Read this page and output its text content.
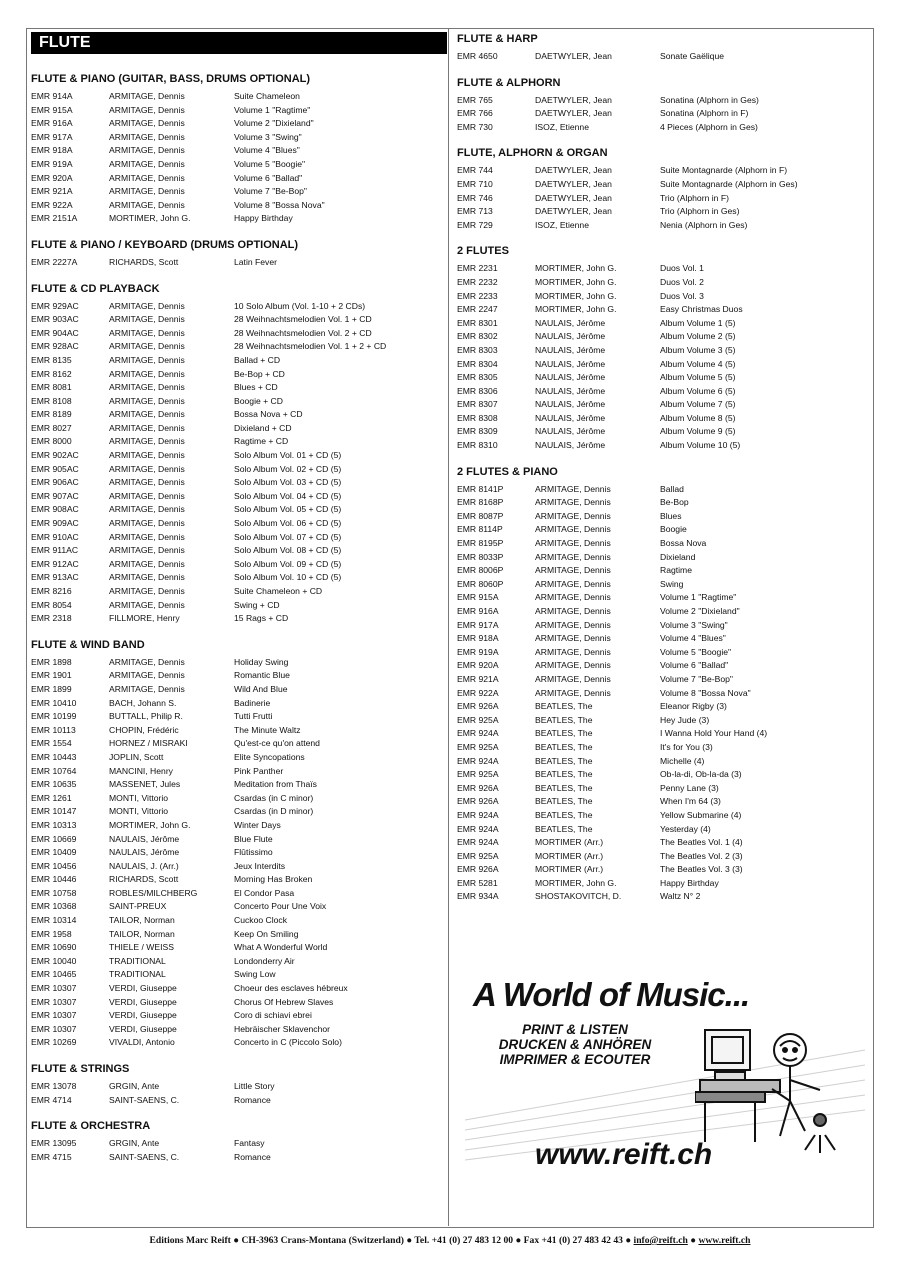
FLUTE
FLUTE & PIANO (GUITAR, BASS, DRUMS OPTIONAL)
EMR 914A	ARMITAGE, Dennis	Suite Chameleon
EMR 915A	ARMITAGE, Dennis	Volume 1 "Ragtime"
EMR 916A	ARMITAGE, Dennis	Volume 2 "Dixieland"
EMR 917A	ARMITAGE, Dennis	Volume 3 "Swing"
EMR 918A	ARMITAGE, Dennis	Volume 4 "Blues"
EMR 919A	ARMITAGE, Dennis	Volume 5 "Boogie"
EMR 920A	ARMITAGE, Dennis	Volume 6 "Ballad"
EMR 921A	ARMITAGE, Dennis	Volume 7 "Be-Bop"
EMR 922A	ARMITAGE, Dennis	Volume 8 "Bossa Nova"
EMR 2151A	MORTIMER, John G.	Happy Birthday
FLUTE & PIANO / KEYBOARD (DRUMS OPTIONAL)
EMR 2227A	RICHARDS, Scott	Latin Fever
FLUTE & CD PLAYBACK
EMR 929AC	ARMITAGE, Dennis	10 Solo Album (Vol. 1-10 + 2 CDs)
EMR 903AC	ARMITAGE, Dennis	28 Weihnachtsmelodien Vol. 1 + CD
EMR 904AC	ARMITAGE, Dennis	28 Weihnachtsmelodien Vol. 2 + CD
EMR 928AC	ARMITAGE, Dennis	28 Weihnachtsmelodien Vol. 1 + 2 + CD
EMR 8135	ARMITAGE, Dennis	Ballad + CD
EMR 8162	ARMITAGE, Dennis	Be-Bop + CD
EMR 8081	ARMITAGE, Dennis	Blues + CD
EMR 8108	ARMITAGE, Dennis	Boogie + CD
EMR 8189	ARMITAGE, Dennis	Bossa Nova + CD
EMR 8027	ARMITAGE, Dennis	Dixieland + CD
EMR 8000	ARMITAGE, Dennis	Ragtime + CD
EMR 902AC	ARMITAGE, Dennis	Solo Album Vol. 01 + CD (5)
EMR 905AC	ARMITAGE, Dennis	Solo Album Vol. 02 + CD (5)
EMR 906AC	ARMITAGE, Dennis	Solo Album Vol. 03 + CD (5)
EMR 907AC	ARMITAGE, Dennis	Solo Album Vol. 04 + CD (5)
EMR 908AC	ARMITAGE, Dennis	Solo Album Vol. 05 + CD (5)
EMR 909AC	ARMITAGE, Dennis	Solo Album Vol. 06 + CD (5)
EMR 910AC	ARMITAGE, Dennis	Solo Album Vol. 07 + CD (5)
EMR 911AC	ARMITAGE, Dennis	Solo Album Vol. 08 + CD (5)
EMR 912AC	ARMITAGE, Dennis	Solo Album Vol. 09 + CD (5)
EMR 913AC	ARMITAGE, Dennis	Solo Album Vol. 10 + CD (5)
EMR 8216	ARMITAGE, Dennis	Suite Chameleon + CD
EMR 8054	ARMITAGE, Dennis	Swing + CD
EMR 2318	FILLMORE, Henry	15 Rags + CD
FLUTE & WIND BAND
EMR 1898	ARMITAGE, Dennis	Holiday Swing
EMR 1901	ARMITAGE, Dennis	Romantic Blue
EMR 1899	ARMITAGE, Dennis	Wild And Blue
EMR 10410	BACH, Johann S.	Badinerie
EMR 10199	BUTTALL, Philip R.	Tutti Frutti
EMR 10113	CHOPIN, Frédéric	The Minute Waltz
EMR 1554	HORNEZ / MISRAKI	Qu'est-ce qu'on attend
EMR 10443	JOPLIN, Scott	Elite Syncopations
EMR 10764	MANCINI, Henry	Pink Panther
EMR 10635	MASSENET, Jules	Meditation from Thaïs
EMR 1261	MONTI, Vittorio	Csardas (in C minor)
EMR 10147	MONTI, Vittorio	Csardas (in D minor)
EMR 10313	MORTIMER, John G.	Winter Days
EMR 10669	NAULAIS, Jérôme	Blue Flute
EMR 10409	NAULAIS, Jérôme	Flûtissimo
EMR 10456	NAULAIS, J. (Arr.)	Jeux Interdits
EMR 10446	RICHARDS, Scott	Morning Has Broken
EMR 10758	ROBLES/MILCHBERG	El Condor Pasa
EMR 10368	SAINT-PREUX	Concerto Pour Une Voix
EMR 10314	TAILOR, Norman	Cuckoo Clock
EMR 1958	TAILOR, Norman	Keep On Smiling
EMR 10690	THIELE / WEISS	What A Wonderful World
EMR 10040	TRADITIONAL	Londonderry Air
EMR 10465	TRADITIONAL	Swing Low
EMR 10307	VERDI, Giuseppe	Choeur des esclaves hébreux
EMR 10307	VERDI, Giuseppe	Chorus Of Hebrew Slaves
EMR 10307	VERDI, Giuseppe	Coro di schiavi ebrei
EMR 10307	VERDI, Giuseppe	Hebräischer Sklavenchor
EMR 10269	VIVALDI, Antonio	Concerto in C (Piccolo Solo)
FLUTE & STRINGS
EMR 13078	GRGIN, Ante	Little Story
EMR 4714	SAINT-SAENS, C.	Romance
FLUTE & ORCHESTRA
EMR 13095	GRGIN, Ante	Fantasy
EMR 4715	SAINT-SAENS, C.	Romance
FLUTE & HARP
EMR 4650	DAETWYLER, Jean	Sonate Gaëlique
FLUTE & ALPHORN
EMR 765	DAETWYLER, Jean	Sonatina (Alphorn in Ges)
EMR 766	DAETWYLER, Jean	Sonatina (Alphorn in F)
EMR 730	ISOZ, Etienne	4 Pieces (Alphorn in Ges)
FLUTE, ALPHORN & ORGAN
EMR 744	DAETWYLER, Jean	Suite Montagnarde (Alphorn in F)
EMR 710	DAETWYLER, Jean	Suite Montagnarde (Alphorn in Ges)
EMR 746	DAETWYLER, Jean	Trio (Alphorn in F)
EMR 713	DAETWYLER, Jean	Trio (Alphorn in Ges)
EMR 729	ISOZ, Etienne	Nenia (Alphorn in Ges)
2 FLUTES
EMR 2231	MORTIMER, John G.	Duos Vol. 1
EMR 2232	MORTIMER, John G.	Duos Vol. 2
EMR 2233	MORTIMER, John G.	Duos Vol. 3
EMR 2247	MORTIMER, John G.	Easy Christmas Duos
EMR 8301	NAULAIS, Jérôme	Album Volume 1 (5)
EMR 8302	NAULAIS, Jérôme	Album Volume 2 (5)
EMR 8303	NAULAIS, Jérôme	Album Volume 3 (5)
EMR 8304	NAULAIS, Jérôme	Album Volume 4 (5)
EMR 8305	NAULAIS, Jérôme	Album Volume 5 (5)
EMR 8306	NAULAIS, Jérôme	Album Volume 6 (5)
EMR 8307	NAULAIS, Jérôme	Album Volume 7 (5)
EMR 8308	NAULAIS, Jérôme	Album Volume 8 (5)
EMR 8309	NAULAIS, Jérôme	Album Volume 9 (5)
EMR 8310	NAULAIS, Jérôme	Album Volume 10 (5)
2 FLUTES & PIANO
EMR 8141P	ARMITAGE, Dennis	Ballad
EMR 8168P	ARMITAGE, Dennis	Be-Bop
EMR 8087P	ARMITAGE, Dennis	Blues
EMR 8114P	ARMITAGE, Dennis	Boogie
EMR 8195P	ARMITAGE, Dennis	Bossa Nova
EMR 8033P	ARMITAGE, Dennis	Dixieland
EMR 8006P	ARMITAGE, Dennis	Ragtime
EMR 8060P	ARMITAGE, Dennis	Swing
EMR 915A	ARMITAGE, Dennis	Volume 1 "Ragtime"
EMR 916A	ARMITAGE, Dennis	Volume 2 "Dixieland"
EMR 917A	ARMITAGE, Dennis	Volume 3 "Swing"
EMR 918A	ARMITAGE, Dennis	Volume 4 "Blues"
EMR 919A	ARMITAGE, Dennis	Volume 5 "Boogie"
EMR 920A	ARMITAGE, Dennis	Volume 6 "Ballad"
EMR 921A	ARMITAGE, Dennis	Volume 7 "Be-Bop"
EMR 922A	ARMITAGE, Dennis	Volume 8 "Bossa Nova"
EMR 926A	BEATLES, The	Eleanor Rigby (3)
EMR 925A	BEATLES, The	Hey Jude (3)
EMR 924A	BEATLES, The	I Wanna Hold Your Hand (4)
EMR 925A	BEATLES, The	It's for You (3)
EMR 924A	BEATLES, The	Michelle (4)
EMR 925A	BEATLES, The	Ob-la-di, Ob-la-da (3)
EMR 926A	BEATLES, The	Penny Lane (3)
EMR 926A	BEATLES, The	When I'm 64 (3)
EMR 924A	BEATLES, The	Yellow Submarine (4)
EMR 924A	BEATLES, The	Yesterday (4)
EMR 924A	MORTIMER (Arr.)	The Beatles Vol. 1 (4)
EMR 925A	MORTIMER (Arr.)	The Beatles Vol. 2 (3)
EMR 926A	MORTIMER (Arr.)	The Beatles Vol. 3 (3)
EMR 5281	MORTIMER, John G.	Happy Birthday
EMR 934A	SHOSTAKOVITCH, D.	Waltz N° 2
A World of Music...
PRINT & LISTEN
DRUCKEN & ANHÖREN
IMPRIMER & ECOUTER
www.reift.ch
Editions Marc Reift ● CH-3963 Crans-Montana (Switzerland) ● Tel. +41 (0) 27 483 12 00 ● Fax +41 (0) 27 483 42 43 ● info@reift.ch ● www.reift.ch
